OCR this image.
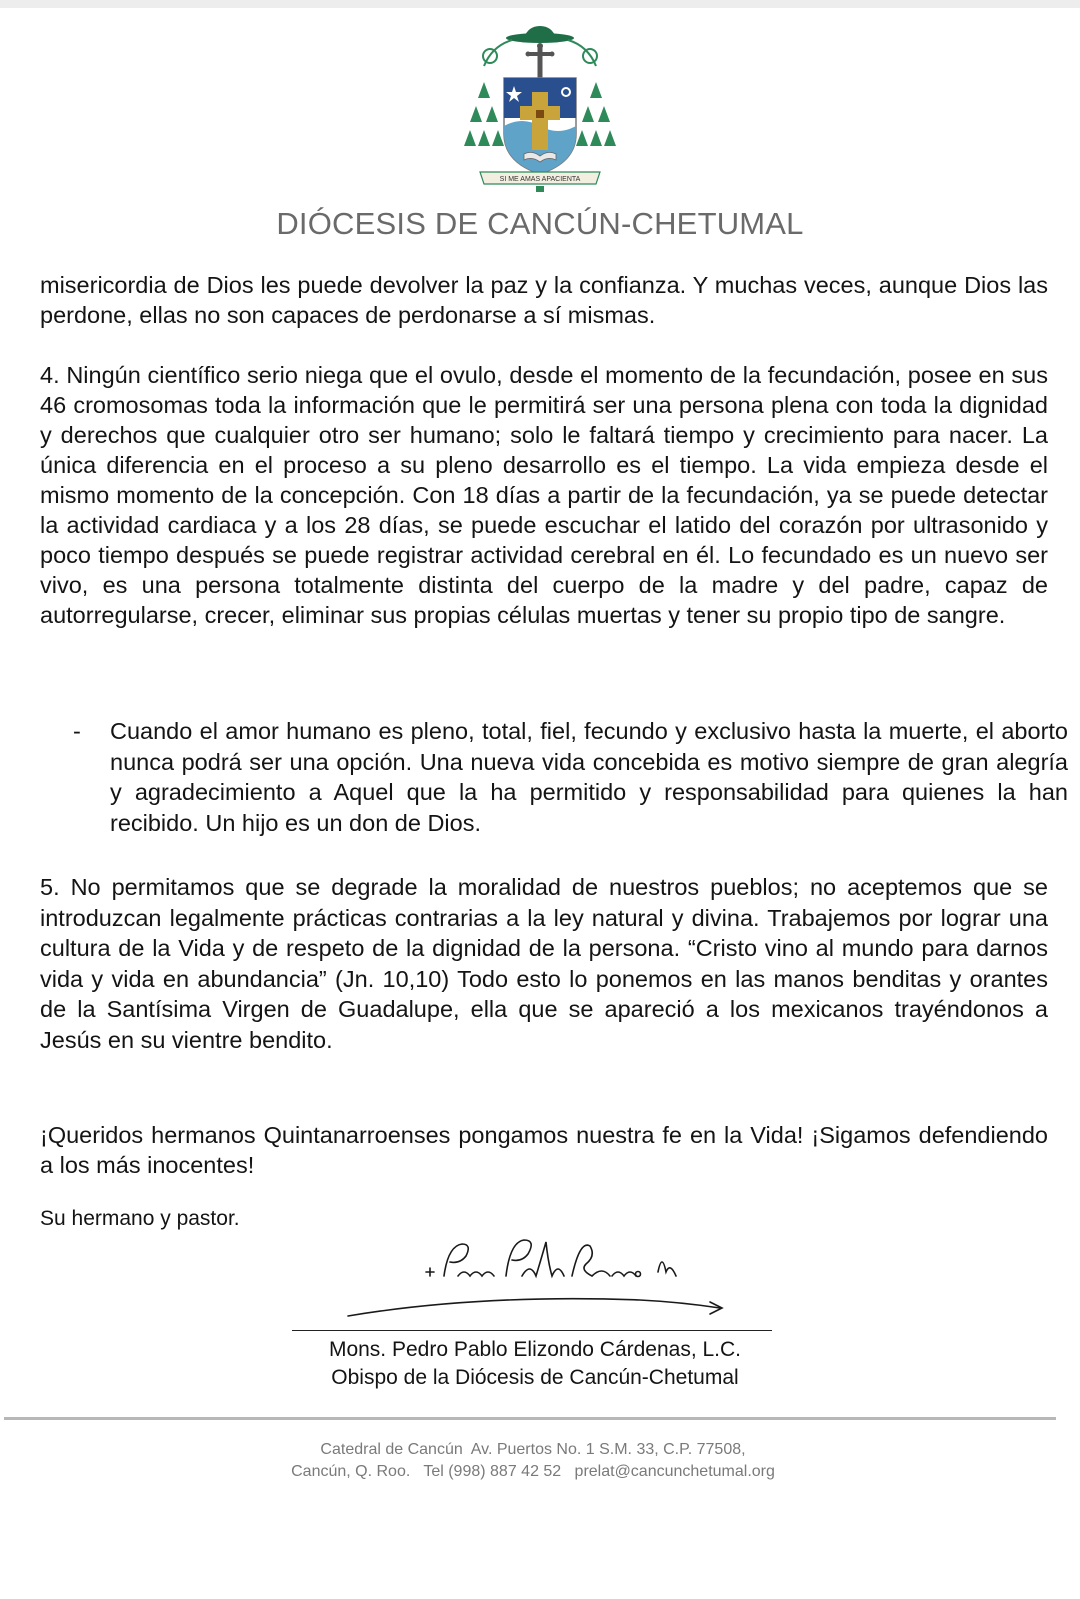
SI ME AMAS APACIENTA
DIÓCESIS DE CANCÚN-CHETUMAL

misericordia de Dios les puede devolver la paz y la confianza. Y muchas veces, aunque Dios las perdone, ellas no son capaces de perdonarse a sí mismas.

4. Ningún científico serio niega que el ovulo, desde el momento de la fecundación, posee en sus 46 cromosomas toda la información que le permitirá ser una persona plena con toda la dignidad y derechos que cualquier otro ser humano; solo le faltará tiempo y crecimiento para nacer. La única diferencia en el proceso a su pleno desarrollo es el tiempo. La vida empieza desde el mismo momento de la concepción. Con 18 días a partir de la fecundación, ya se puede detectar la actividad cardiaca y a los 28 días, se puede escuchar el latido del corazón por ultrasonido y poco tiempo después se puede registrar actividad cerebral en él. Lo fecundado es un nuevo ser vivo, es una persona totalmente distinta del cuerpo de la madre y del padre, capaz de autorregularse, crecer, eliminar sus propias células muertas y tener su propio tipo de sangre.

- Cuando el amor humano es pleno, total, fiel, fecundo y exclusivo hasta la muerte, el aborto nunca podrá ser una opción. Una nueva vida concebida es motivo siempre de gran alegría y agradecimiento a Aquel que la ha permitido y responsabilidad para quienes la han recibido. Un hijo es un don de Dios.

5. No permitamos que se degrade la moralidad de nuestros pueblos; no aceptemos que se introduzcan legalmente prácticas contrarias a la ley natural y divina. Trabajemos por lograr una cultura de la Vida y de respeto de la dignidad de la persona. “Cristo vino al mundo para darnos vida y vida en abundancia” (Jn. 10,10) Todo esto lo ponemos en las manos benditas y orantes de la Santísima Virgen de Guadalupe, ella que se apareció a los mexicanos trayéndonos a Jesús en su vientre bendito.

¡Queridos hermanos Quintanarroenses pongamos nuestra fe en la Vida! ¡Sigamos defendiendo a los más inocentes!

Su hermano y pastor.
Mons. Pedro Pablo Elizondo Cárdenas, L.C.
Obispo de la Diócesis de Cancún-Chetumal
Catedral de Cancún  Av. Puertos No. 1 S.M. 33, C.P. 77508,
Cancún, Q. Roo.   Tel (998) 887 42 52   prelat@cancunchetumal.org
